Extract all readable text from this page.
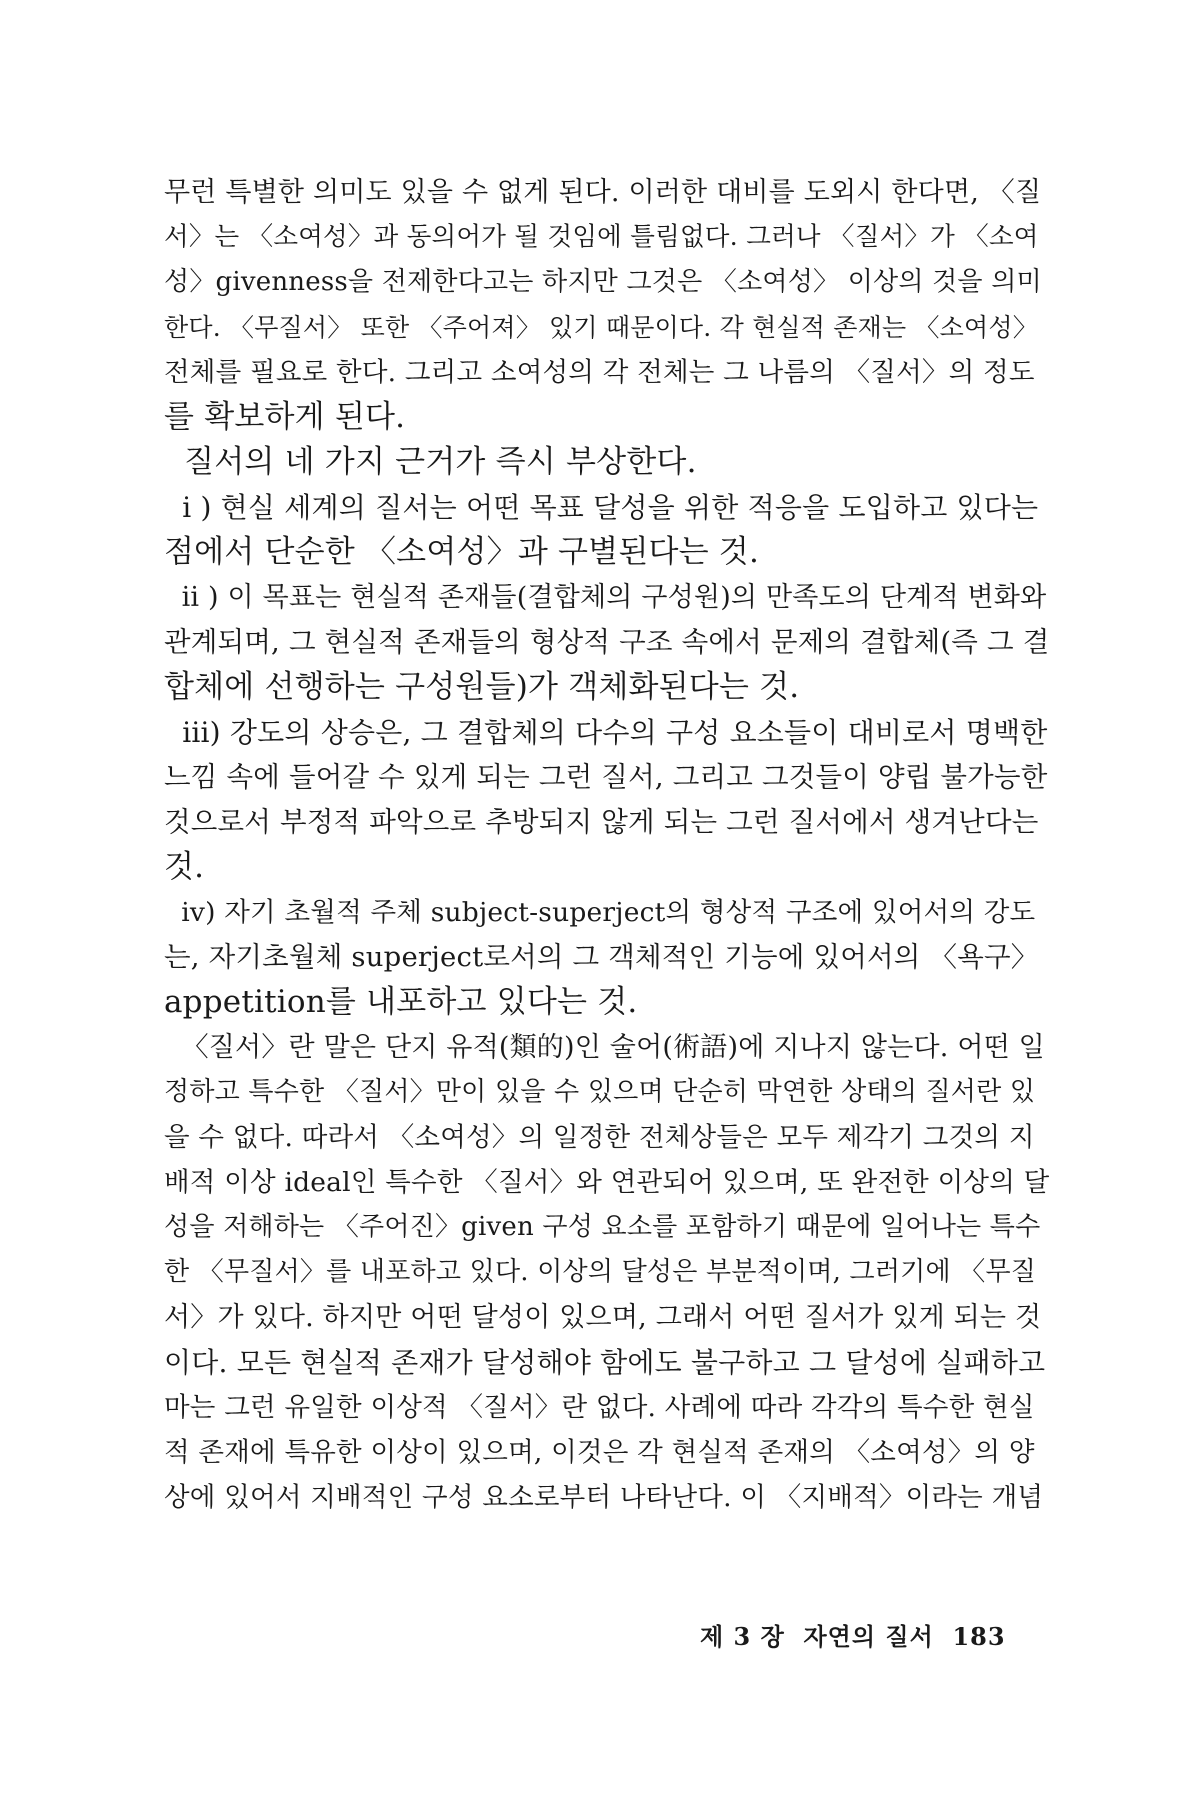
무런 특별한 의미도 있을 수 없게 된다. 이러한 대비를 도외시 한다면, 〈질
서〉는 〈소여성〉과 동의어가 될 것임에 틀림없다. 그러나 〈질서〉가 〈소여
성〉givenness을 전제한다고는 하지만 그것은 〈소여성〉 이상의 것을 의미
한다. 〈무질서〉 또한 〈주어져〉 있기 때문이다. 각 현실적 존재는 〈소여성〉
전체를 필요로 한다. 그리고 소여성의 각 전체는 그 나름의 〈질서〉의 정도
를 확보하게 된다.
질서의 네 가지 근거가 즉시 부상한다.
i ) 현실 세계의 질서는 어떤 목표 달성을 위한 적응을 도입하고 있다는
점에서 단순한 〈소여성〉과 구별된다는 것.
ii ) 이 목표는 현실적 존재들(결합체의 구성원)의 만족도의 단계적 변화와
관계되며, 그 현실적 존재들의 형상적 구조 속에서 문제의 결합체(즉 그 결
합체에 선행하는 구성원들)가 객체화된다는 것.
iii) 강도의 상승은, 그 결합체의 다수의 구성 요소들이 대비로서 명백한
느낌 속에 들어갈 수 있게 되는 그런 질서, 그리고 그것들이 양립 불가능한
것으로서 부정적 파악으로 추방되지 않게 되는 그런 질서에서 생겨난다는
것.
iv) 자기 초월적 주체 subject-superject의 형상적 구조에 있어서의 강도
는, 자기초월체 superject로서의 그 객체적인 기능에 있어서의 〈욕구〉
appetition를 내포하고 있다는 것.
〈질서〉란 말은 단지 유적(類的)인 술어(術語)에 지나지 않는다. 어떤 일
정하고 특수한 〈질서〉만이 있을 수 있으며 단순히 막연한 상태의 질서란 있
을 수 없다. 따라서 〈소여성〉의 일정한 전체상들은 모두 제각기 그것의 지
배적 이상 ideal인 특수한 〈질서〉와 연관되어 있으며, 또 완전한 이상의 달
성을 저해하는 〈주어진〉given 구성 요소를 포함하기 때문에 일어나는 특수
한 〈무질서〉를 내포하고 있다. 이상의 달성은 부분적이며, 그러기에 〈무질
서〉가 있다. 하지만 어떤 달성이 있으며, 그래서 어떤 질서가 있게 되는 것
이다. 모든 현실적 존재가 달성해야 함에도 불구하고 그 달성에 실패하고
마는 그런 유일한 이상적 〈질서〉란 없다. 사례에 따라 각각의 특수한 현실
적 존재에 특유한 이상이 있으며, 이것은 각 현실적 존재의 〈소여성〉의 양
상에 있어서 지배적인 구성 요소로부터 나타난다. 이 〈지배적〉이라는 개념
제 3 장  자연의 질서  183
